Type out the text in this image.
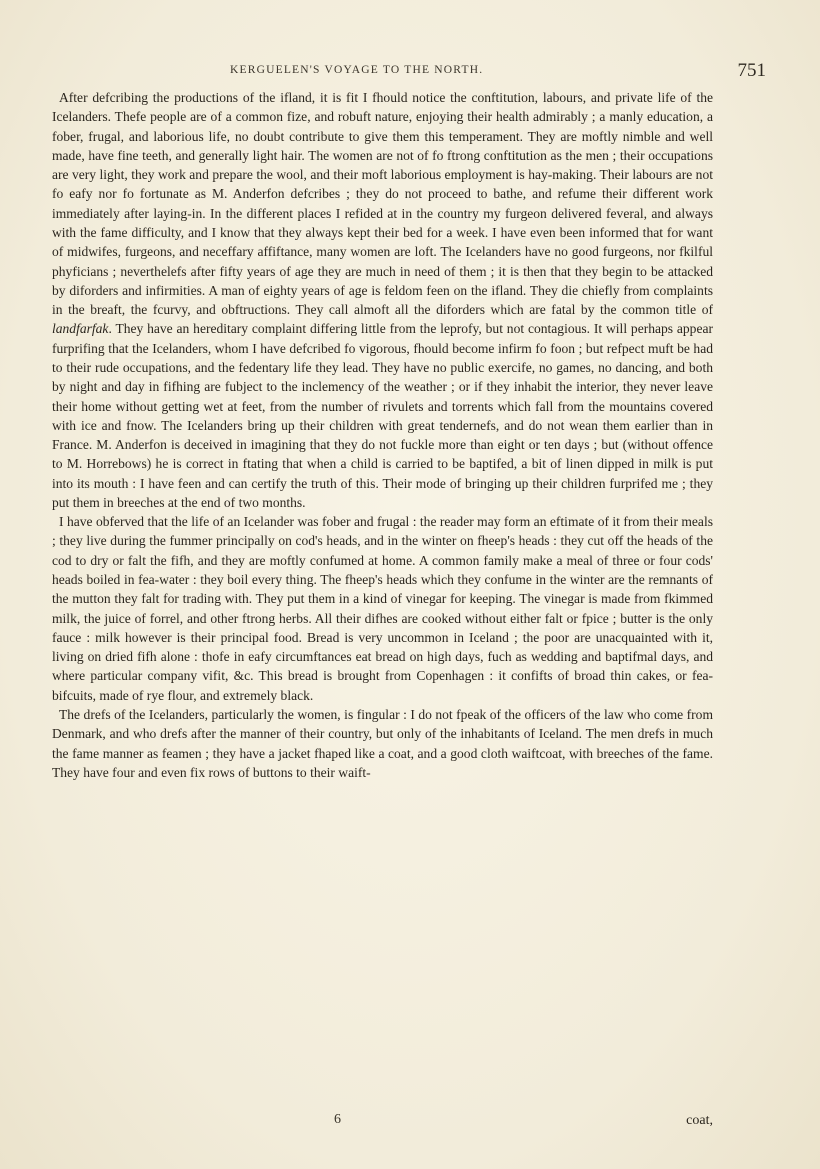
KERGUELEN'S VOYAGE TO THE NORTH.	751

After defcribing the productions of the ifland, it is fit I fhould notice the conftitution, labours, and private life of the Icelanders. Thefe people are of a common fize, and robuft nature, enjoying their health admirably ; a manly education, a fober, frugal, and laborious life, no doubt contribute to give them this temperament. They are moftly nimble and well made, have fine teeth, and generally light hair. The women are not of fo ftrong conftitution as the men ; their occupations are very light, they work and prepare the wool, and their moft laborious employment is hay-making. Their labours are not fo eafy nor fo fortunate as M. Anderfon defcribes ; they do not proceed to bathe, and refume their different work immediately after laying-in. In the different places I refided at in the country my furgeon delivered feveral, and always with the fame difficulty, and I know that they always kept their bed for a week. I have even been informed that for want of midwifes, furgeons, and neceffary affiftance, many women are loft. The Icelanders have no good furgeons, nor fkilful phyficians ; neverthelefs after fifty years of age they are much in need of them ; it is then that they begin to be attacked by diforders and infirmities. A man of eighty years of age is feldom feen on the ifland. They die chiefly from complaints in the breaft, the fcurvy, and obftructions. They call almoft all the diforders which are fatal by the common title of landfarfak. They have an hereditary complaint differing little from the leprofy, but not contagious. It will perhaps appear furprifing that the Icelanders, whom I have defcribed fo vigorous, fhould become infirm fo foon ; but refpect muft be had to their rude occupations, and the fedentary life they lead. They have no public exercife, no games, no dancing, and both by night and day in fifhing are fubject to the inclemency of the weather ; or if they inhabit the interior, they never leave their home without getting wet at feet, from the number of rivulets and torrents which fall from the mountains covered with ice and fnow. The Icelanders bring up their children with great tendernefs, and do not wean them earlier than in France. M. Anderfon is deceived in imagining that they do not fuckle more than eight or ten days ; but (without offence to M. Horrebows) he is correct in ftating that when a child is carried to be baptifed, a bit of linen dipped in milk is put into its mouth : I have feen and can certify the truth of this. Their mode of bringing up their children furprifed me ; they put them in breeches at the end of two months.

I have obferved that the life of an Icelander was fober and frugal : the reader may form an eftimate of it from their meals ; they live during the fummer principally on cod's heads, and in the winter on fheep's heads : they cut off the heads of the cod to dry or falt the fifh, and they are moftly confumed at home. A common family make a meal of three or four cods' heads boiled in fea-water : they boil every thing. The fheep's heads which they confume in the winter are the remnants of the mutton they falt for trading with. They put them in a kind of vinegar for keeping. The vinegar is made from fkimmed milk, the juice of forrel, and other ftrong herbs. All their difhes are cooked without either falt or fpice ; butter is the only fauce : milk however is their principal food. Bread is very uncommon in Iceland ; the poor are unacquainted with it, living on dried fifh alone : thofe in eafy circumftances eat bread on high days, fuch as wedding and baptifmal days, and where particular company vifit, &c. This bread is brought from Copenhagen : it confifts of broad thin cakes, or fea-bifcuits, made of rye flour, and extremely black.

The drefs of the Icelanders, particularly the women, is fingular : I do not fpeak of the officers of the law who come from Denmark, and who drefs after the manner of their country, but only of the inhabitants of Iceland. The men drefs in much the fame manner as feamen ; they have a jacket fhaped like a coat, and a good cloth waiftcoat, with breeches of the fame. They have four and even fix rows of buttons to their waift-

6	coat,
